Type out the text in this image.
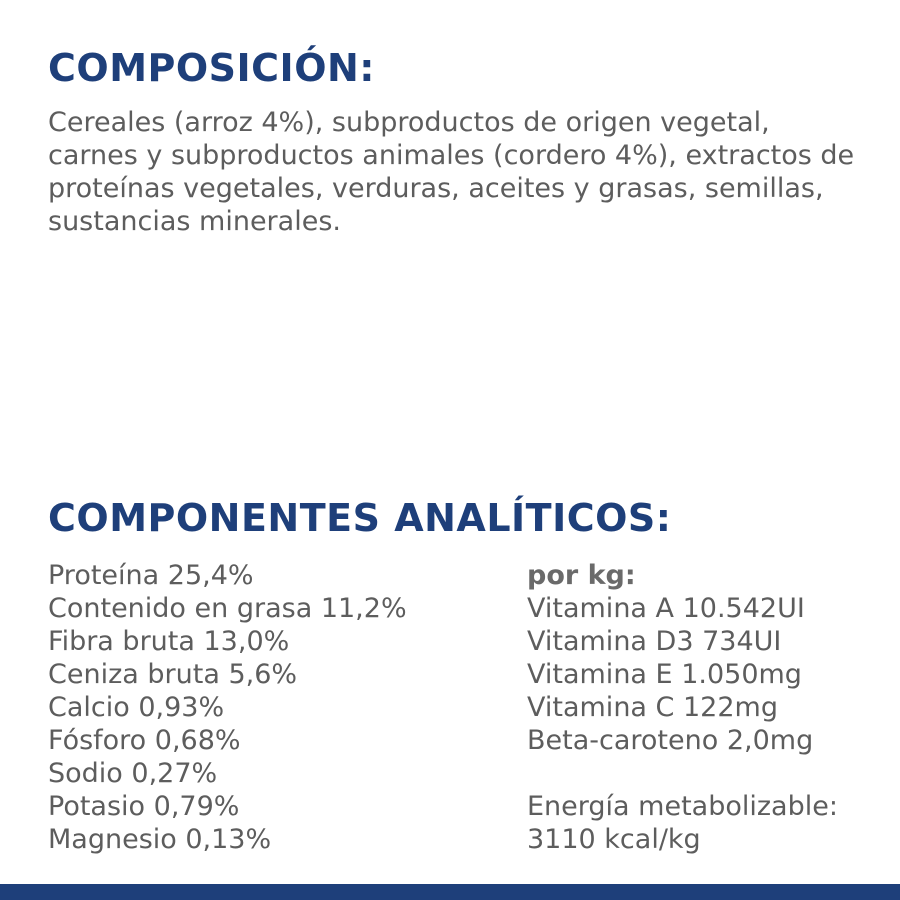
COMPOSICIÓN:

Cereales (arroz 4%), subproductos de origen vegetal, carnes y subproductos animales (cordero 4%), extractos de proteínas vegetales, verduras, aceites y grasas, semillas, sustancias minerales.

COMPONENTES ANALÍTICOS:
Proteína 25,4%
Contenido en grasa 11,2%
Fibra bruta 13,0%
Ceniza bruta 5,6%
Calcio 0,93%
Fósforo 0,68%
Sodio 0,27%
Potasio 0,79%
Magnesio 0,13%
por kg:
Vitamina A 10.542UI
Vitamina D3 734UI
Vitamina E 1.050mg
Vitamina C 122mg
Beta-caroteno 2,0mg
Energía metabolizable:
3110 kcal/kg
